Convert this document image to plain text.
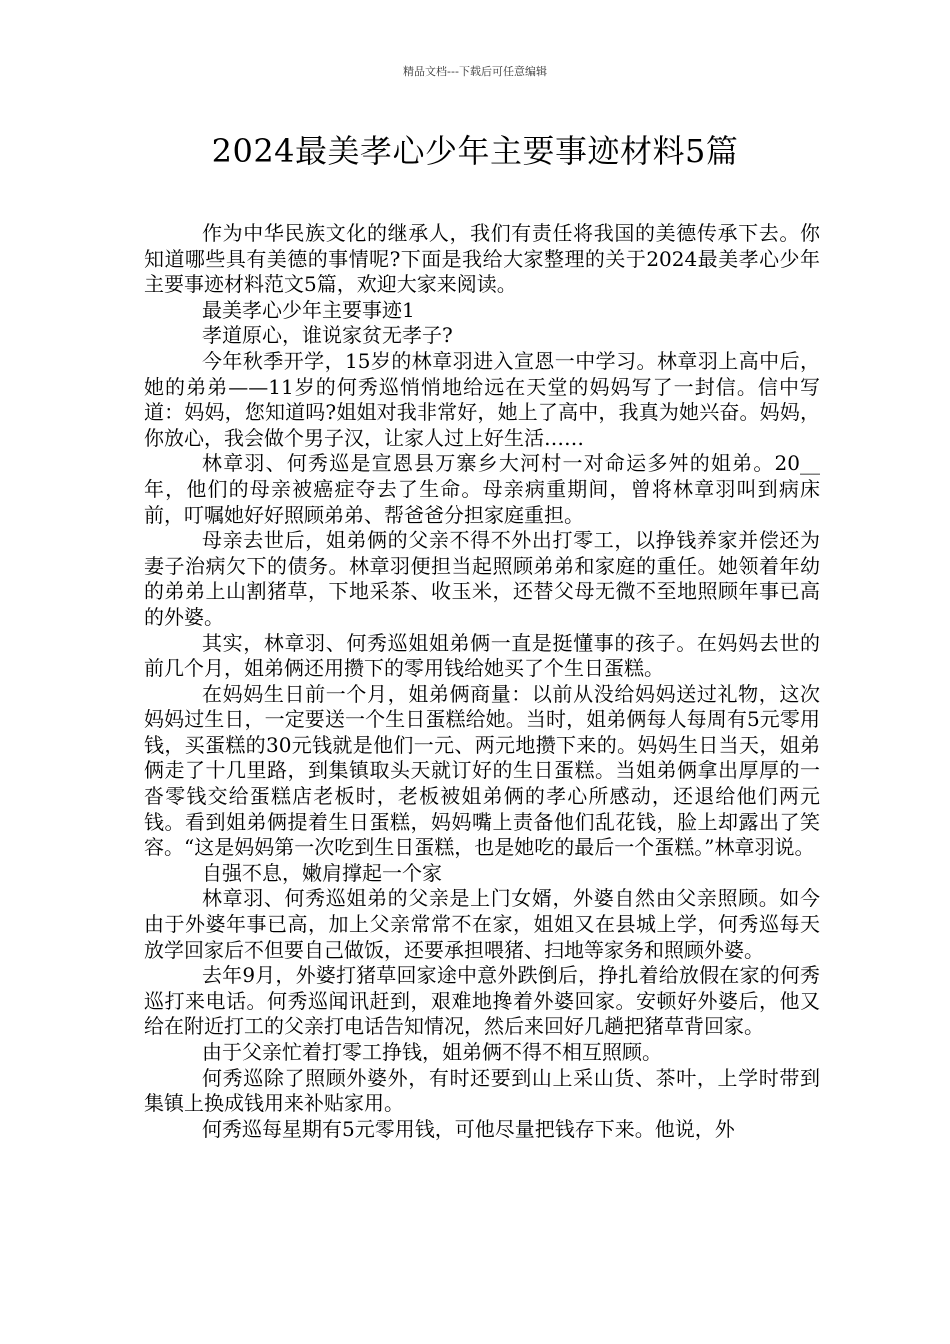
精品文档---下载后可任意编辑
2024最美孝心少年主要事迹材料5篇

作为中华民族文化的继承人，我们有责任将我国的美德传承下去。你知道哪些具有美德的事情呢?下面是我给大家整理的关于2024最美孝心少年主要事迹材料范文5篇，欢迎大家来阅读。

最美孝心少年主要事迹1

孝道原心，谁说家贫无孝子?

今年秋季开学，15岁的林章羽进入宣恩一中学习。林章羽上高中后，她的弟弟——11岁的何秀巡悄悄地给远在天堂的妈妈写了一封信。信中写道：妈妈，您知道吗?姐姐对我非常好，她上了高中，我真为她兴奋。妈妈，你放心，我会做个男子汉，让家人过上好生活……

林章羽、何秀巡是宣恩县万寨乡大河村一对命运多舛的姐弟。20__年，他们的母亲被癌症夺去了生命。母亲病重期间，曾将林章羽叫到病床前，叮嘱她好好照顾弟弟、帮爸爸分担家庭重担。

母亲去世后，姐弟俩的父亲不得不外出打零工，以挣钱养家并偿还为妻子治病欠下的债务。林章羽便担当起照顾弟弟和家庭的重任。她领着年幼的弟弟上山割猪草，下地采茶、收玉米，还替父母无微不至地照顾年事已高的外婆。

其实，林章羽、何秀巡姐姐弟俩一直是挺懂事的孩子。在妈妈去世的前几个月，姐弟俩还用攒下的零用钱给她买了个生日蛋糕。

在妈妈生日前一个月，姐弟俩商量：以前从没给妈妈送过礼物，这次妈妈过生日，一定要送一个生日蛋糕给她。当时，姐弟俩每人每周有5元零用钱，买蛋糕的30元钱就是他们一元、两元地攒下来的。妈妈生日当天，姐弟俩走了十几里路，到集镇取头天就订好的生日蛋糕。当姐弟俩拿出厚厚的一沓零钱交给蛋糕店老板时，老板被姐弟俩的孝心所感动，还退给他们两元钱。看到姐弟俩提着生日蛋糕，妈妈嘴上责备他们乱花钱，脸上却露出了笑容。“这是妈妈第一次吃到生日蛋糕，也是她吃的最后一个蛋糕。”林章羽说。

自强不息，嫩肩撑起一个家

林章羽、何秀巡姐弟的父亲是上门女婿，外婆自然由父亲照顾。如今由于外婆年事已高，加上父亲常常不在家，姐姐又在县城上学，何秀巡每天放学回家后不但要自己做饭，还要承担喂猪、扫地等家务和照顾外婆。

去年9月，外婆打猪草回家途中意外跌倒后，挣扎着给放假在家的何秀巡打来电话。何秀巡闻讯赶到，艰难地搀着外婆回家。安顿好外婆后，他又给在附近打工的父亲打电话告知情况，然后来回好几趟把猪草背回家。

由于父亲忙着打零工挣钱，姐弟俩不得不相互照顾。

何秀巡除了照顾外婆外，有时还要到山上采山货、茶叶，上学时带到集镇上换成钱用来补贴家用。

何秀巡每星期有5元零用钱，可他尽量把钱存下来。他说，外
